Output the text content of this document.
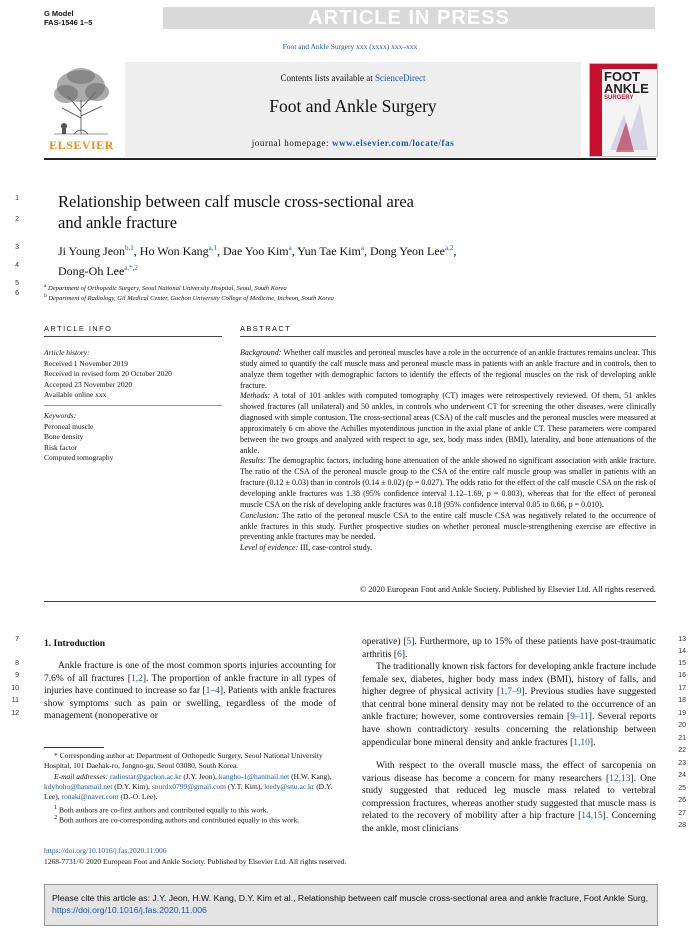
G Model
FAS-1546 1–5	ARTICLE IN PRESS
Foot and Ankle Surgery xxx (xxxx) xxx–xxx
ELSEVIER
Contents lists available at ScienceDirect
Foot and Ankle Surgery
journal homepage: www.elsevier.com/locate/fas
FOOT
ANKLE
SURGERY
1
2
3
4
5
6
7
8
9
10
11
12
13
14
15
16
17
18
19
20
21
22
23
24
25
26
27
28
Relationship between calf muscle cross-sectional area
and ankle fracture
Ji Young Jeon$^{b,1}$, Ho Won Kang$^{a,1}$, Dae Yoo Kim$^a$, Yun Tae Kim$^a$, Dong Yeon Lee$^{a,2}$,
Dong-Oh Lee$^{a,*,2}$
$^a$ Department of Orthopedic Surgery, Seoul National University Hospital, Seoul, South Korea
$^b$ Department of Radiology, Gil Medical Center, Gachon University College of Medicine, Incheon, South Korea
ARTICLE INFO
Article history:
Received 1 November 2019
Received in revised form 20 October 2020
Accepted 23 November 2020
Available online xxx
Keywords:
Peroneal muscle
Bone density
Risk factor
Computed tomography
ABSTRACT
Background: Whether calf muscles and peroneal muscles have a role in the occurrence of an ankle fractures remains unclear. This study aimed to quantify the calf muscle mass and peroneal muscle mass in patients with an ankle fracture and in controls, then to analyze them together with demographic factors to identify the effects of the regional muscles on the risk of developing ankle fracture.
Methods: A total of 101 ankles with computed tomography (CT) images were retrospectively reviewed. Of them, 51 ankles showed fractures (all unilateral) and 50 ankles, in controls who underwent CT for screening the other diseases, were clinically diagnosed with simple contusion. The cross-sectional areas (CSA) of the calf muscles and the peroneal muscles were measured at approximately 6 cm above the Achilles myotendinous junction in the axial plane of ankle CT. These parameters were compared between the two groups and analyzed with respect to age, sex, body mass index (BMI), laterality, and bone attenuations of the ankle.
Results: The demographic factors, including bone attenuation of the ankle showed no significant association with ankle fracture. The ratio of the CSA of the peroneal muscle group to the CSA of the entire calf muscle group was smaller in patients with an fracture (0.12 ± 0.03) than in controls (0.14 ± 0.02) (p = 0.027). The odds ratio for the effect of the calf muscle CSA on the risk of developing ankle fractures was 1.38 (95% confidence interval 1.12–1.69, p = 0.003), whereas that for the effect of peroneal muscle CSA on the risk of developing ankle fractures was 0.18 (95% confidence interval 0.05 to 0.66, p = 0.010).
Conclusion: The ratio of the peroneal muscle CSA to the entire calf muscle CSA was negatively related to the occurrence of ankle fractures in this study. Further prospective studies on whether peroneal muscle-strengthening exercise are effective in preventing ankle fractures may be needed.
Level of evidence: III, case-control study.
© 2020 European Foot and Ankle Society. Published by Elsevier Ltd. All rights reserved.
1. Introduction
Ankle fracture is one of the most common sports injuries accounting for 7.6% of all fractures [1,2]. The proportion of ankle fracture in all types of injuries have continued to increase so far [1–4]. Patients with ankle fractures show symptoms such as pain or swelling, regardless of the mode of management (nonoperative or
operative) [5]. Furthermore, up to 15% of these patients have post-traumatic arthritis [6].
The traditionally known risk factors for developing ankle fracture include female sex, diabetes, higher body mass index (BMI), history of falls, and higher degree of physical activity [1,7–9]. Previous studies have suggested that central bone mineral density may not be related to the occurrence of an ankle fracture; however, some controversies remain [9–11]. Several reports have shown contradictory results concerning the relationship between appendicular bone mineral density and ankle fractures [1,10].
With respect to the overall muscle mass, the effect of sarcopenia on various disease has become a concern for many researchers [12,13]. One study suggested that reduced leg muscle mass related to vertebral compression fractures, whereas another study suggested that muscle mass is related to the recovery of mobility after a hip fracture [14,15]. Concerning the ankle, most clinicians
* Corresponding author at: Department of Orthopedic Surgery, Seoul National University Hospital, 101 Daehak-ro, Jongno-gu, Seoul 03080, South Korea.
E-mail addresses: radiostar@gachon.ac.kr (J.Y. Jeon), kangho-1@hanmail.net (H.W. Kang), kdyhoho@hanmail.net (D.Y. Kim), snurdx0799@gmail.com (Y.T. Kim), leedy@snu.ac.kr (D.Y. Lee), ronaki@naver.com (D.-O. Lee).
$^1$ Both authors are co-first authors and contributed equally to this work.
$^2$ Both authors are co-corresponding authors and contributed equally to this work.
https://doi.org/10.1016/j.fas.2020.11.006
1268-7731/© 2020 European Foot and Ankle Society. Published by Elsevier Ltd. All rights reserved.
Please cite this article as: J.Y. Jeon, H.W. Kang, D.Y. Kim et al., Relationship between calf muscle cross-sectional area and ankle fracture, Foot Ankle Surg, https://doi.org/10.1016/j.fas.2020.11.006
